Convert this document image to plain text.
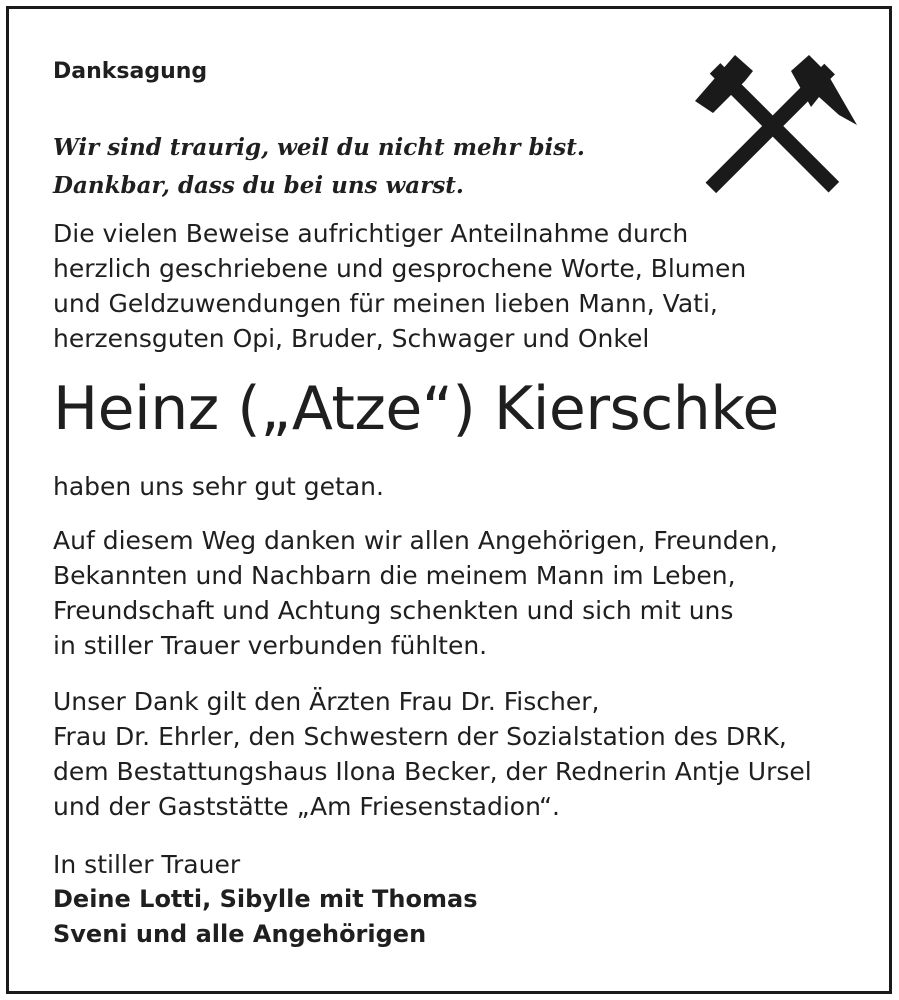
Danksagung
Wir sind traurig, weil du nicht mehr bist.
Dankbar, dass du bei uns warst.
Die vielen Beweise aufrichtiger Anteilnahme durch
herzlich geschriebene und gesprochene Worte, Blumen
und Geldzuwendungen für meinen lieben Mann, Vati,
herzensguten Opi, Bruder, Schwager und Onkel
Heinz („Atze“) Kierschke
haben uns sehr gut getan.
Auf diesem Weg danken wir allen Angehörigen, Freunden,
Bekannten und Nachbarn die meinem Mann im Leben,
Freundschaft und Achtung schenkten und sich mit uns
in stiller Trauer verbunden fühlten.
Unser Dank gilt den Ärzten Frau Dr. Fischer,
Frau Dr. Ehrler, den Schwestern der Sozialstation des DRK,
dem Bestattungshaus Ilona Becker, der Rednerin Antje Ursel
und der Gaststätte „Am Friesenstadion“.
In stiller Trauer
Deine Lotti, Sibylle mit Thomas
Sveni und alle Angehörigen
